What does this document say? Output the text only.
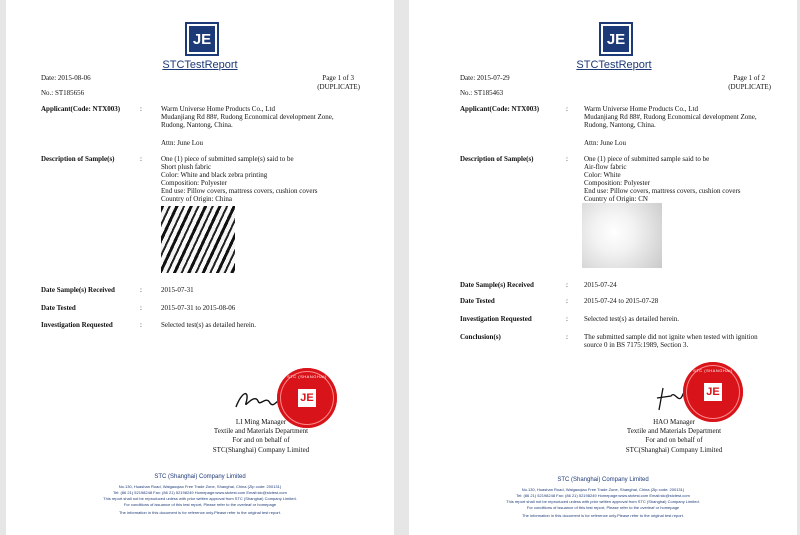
JE
STCTestReport
Date: 2015-08-06	Page 1 of 3
(DUPLICATE)
No.: ST185656
Applicant(Code: NTX003)	:	Warm Universe Home Products Co., Ltd
Mudanjiang Rd 88#, Rudong Economical development Zone,
Rudong, Nantong, China.
Attn: June Lou
Description of Sample(s)	:	One (1) piece of submitted sample(s) said to be
Short plush fabric
Color: White and black zebra printing
Composition: Polyester
End use: Pillow covers, mattress covers, cushion covers
Country of Origin: China
Date Sample(s) Received	:	2015-07-31
Date Tested	:	2015-07-31 to 2015-08-06
Investigation Requested	:	Selected test(s) as detailed herein.
STC (SHANGHAI)
JE
LI Ming Manager
Textile and Materials Department
For and on behalf of
STC(Shanghai) Company Limited
STC (Shanghai) Company Limited
No.130, Huashan Road, Waigaoqiao Free Trade Zone, Shanghai, China (Zip code: 200131)
Tel: (86 21) 52198248 Fax: (86 21) 52198249 Homepage:www.stctest.com Email:stc@stctest.com
This report shall not be reproduced unless with prior written approval from STC (Shanghai) Company Limited.
For conditions of issuance of this test report, Please refer to the overleaf or homepage
The information in this document is for reference only.Please refer to the original test report.
JE
STCTestReport
Date: 2015-07-29	Page 1 of 2
(DUPLICATE)
No.: ST185463
Applicant(Code: NTX003)	: Warm Universe Home Products Co., Ltd
Mudanjiang Rd 88#, Rudong Economical development Zone,
Rudong, Nantong, China.
Attn: June Lou
Description of Sample(s)	: One (1) piece of submitted sample said to be
Air-flow fabric
Color: White
Composition: Polyester
End use: Pillow covers, mattress covers, cushion covers
Country of Origin: CN
Date Sample(s) Received	: 2015-07-24
Date Tested	: 2015-07-24 to 2015-07-28
Investigation Requested	: Selected test(s) as detailed herein.
Conclusion(s)	: The submitted sample did not ignite when tested with ignition
source 0 in BS 7175:1989, Section 3.
STC (SHANGHAI)
JE
HAO Manager
Textile and Materials Department
For and on behalf of
STC(Shanghai) Company Limited
STC (Shanghai) Company Limited
No.130, Huashan Road, Waigaoqiao Free Trade Zone, Shanghai, China (Zip code: 200131)
Tel: (86 21) 52198248 Fax: (86 21) 52198249 Homepage:www.stctest.com Email:stc@stctest.com
This report shall not be reproduced unless with prior written approval from STC (Shanghai) Company Limited.
For conditions of issuance of this test report, Please refer to the overleaf or homepage
The information in this document is for reference only.Please refer to the original test report.
